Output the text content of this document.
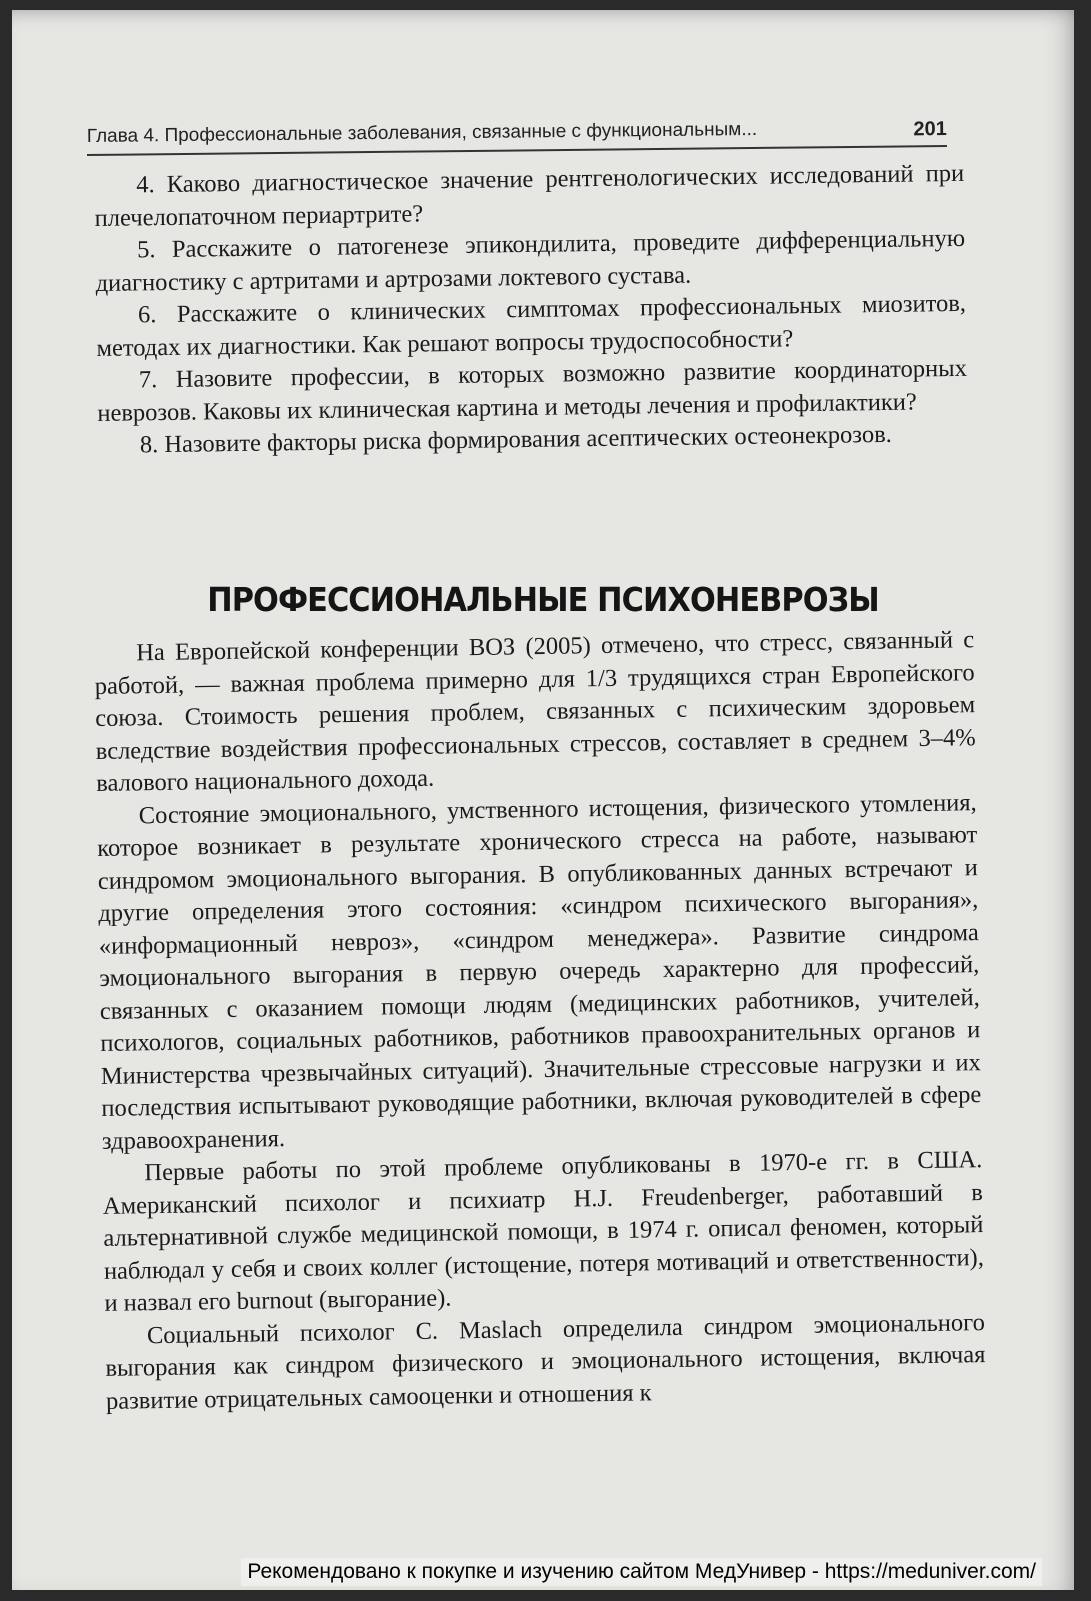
Глава 4. Профессиональные заболевания, связанные с функциональным...	201

4. Каково диагностическое значение рентгенологических исследований при плечелопаточном периартрите?

5. Расскажите о патогенезе эпикондилита, проведите дифференциальную диагностику с артритами и артрозами локтевого сустава.

6. Расскажите о клинических симптомах профессиональных миозитов, методах их диагностики. Как решают вопросы трудоспособности?

7. Назовите профессии, в которых возможно развитие координаторных неврозов. Каковы их клиническая картина и методы лечения и профилактики?

8. Назовите факторы риска формирования асептических остеонекрозов.

ПРОФЕССИОНАЛЬНЫЕ ПСИХОНЕВРОЗЫ

На Европейской конференции ВОЗ (2005) отмечено, что стресс, связанный с работой, — важная проблема примерно для 1/3 трудящихся стран Европейского союза. Стоимость решения проблем, связанных с психическим здоровьем вследствие воздействия профессиональных стрессов, составляет в среднем 3–4% валового национального дохода.

Состояние эмоционального, умственного истощения, физического утомления, которое возникает в результате хронического стресса на работе, называют синдромом эмоционального выгорания. В опубликованных данных встречают и другие определения этого состояния: «синдром психического выгорания», «информационный невроз», «синдром менеджера». Развитие синдрома эмоционального выгорания в первую очередь характерно для профессий, связанных с оказанием помощи людям (медицинских работников, учителей, психологов, социальных работников, работников правоохранительных органов и Министерства чрезвычайных ситуаций). Значительные стрессовые нагрузки и их последствия испытывают руководящие работники, включая руководителей в сфере здравоохранения.

Первые работы по этой проблеме опубликованы в 1970-е гг. в США. Американский психолог и психиатр H.J. Freudenberger, работавший в альтернативной службе медицинской помощи, в 1974 г. описал феномен, который наблюдал у себя и своих коллег (истощение, потеря мотиваций и ответственности), и назвал его burnout (выгорание).

Социальный психолог C. Maslach определила синдром эмоционального выгорания как синдром физического и эмоционального истощения, включая развитие отрицательных самооценки и отношения к

Рекомендовано к покупке и изучению сайтом МедУнивер - https://meduniver.com/
